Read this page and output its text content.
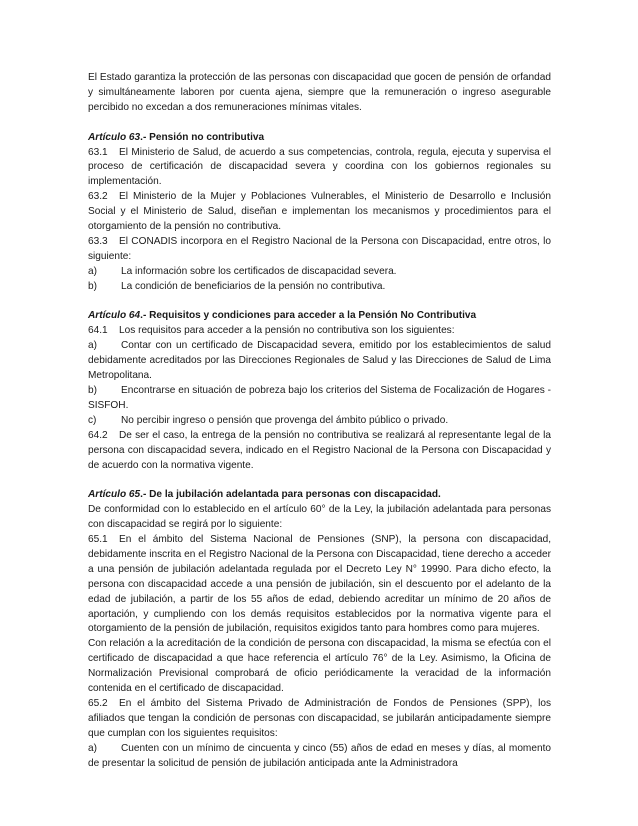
El Estado garantiza la protección de las personas con discapacidad que gocen de pensión de orfandad y simultáneamente laboren por cuenta ajena, siempre que la remuneración o ingreso asegurable percibido no excedan a dos remuneraciones mínimas vitales.

Artículo 63.- Pensión no contributiva

63.1 El Ministerio de Salud, de acuerdo a sus competencias, controla, regula, ejecuta y supervisa el proceso de certificación de discapacidad severa y coordina con los gobiernos regionales su implementación.

63.2 El Ministerio de la Mujer y Poblaciones Vulnerables, el Ministerio de Desarrollo e Inclusión Social y el Ministerio de Salud, diseñan e implementan los mecanismos y procedimientos para el otorgamiento de la pensión no contributiva.

63.3 El CONADIS incorpora en el Registro Nacional de la Persona con Discapacidad, entre otros, lo siguiente:

a) La información sobre los certificados de discapacidad severa.

b) La condición de beneficiarios de la pensión no contributiva.

Artículo 64.- Requisitos y condiciones para acceder a la Pensión No Contributiva

64.1 Los requisitos para acceder a la pensión no contributiva son los siguientes:

a) Contar con un certificado de Discapacidad severa, emitido por los establecimientos de salud debidamente acreditados por las Direcciones Regionales de Salud y las Direcciones de Salud de Lima Metropolitana.

b) Encontrarse en situación de pobreza bajo los criterios del Sistema de Focalización de Hogares - SISFOH.

c) No percibir ingreso o pensión que provenga del ámbito público o privado.

64.2 De ser el caso, la entrega de la pensión no contributiva se realizará al representante legal de la persona con discapacidad severa, indicado en el Registro Nacional de la Persona con Discapacidad y de acuerdo con la normativa vigente.

Artículo 65.- De la jubilación adelantada para personas con discapacidad.

De conformidad con lo establecido en el artículo 60° de la Ley, la jubilación adelantada para personas con discapacidad se regirá por lo siguiente:

65.1 En el ámbito del Sistema Nacional de Pensiones (SNP), la persona con discapacidad, debidamente inscrita en el Registro Nacional de la Persona con Discapacidad, tiene derecho a acceder a una pensión de jubilación adelantada regulada por el Decreto Ley N° 19990. Para dicho efecto, la persona con discapacidad accede a una pensión de jubilación, sin el descuento por el adelanto de la edad de jubilación, a partir de los 55 años de edad, debiendo acreditar un mínimo de 20 años de aportación, y cumpliendo con los demás requisitos establecidos por la normativa vigente para el otorgamiento de la pensión de jubilación, requisitos exigidos tanto para hombres como para mujeres.

Con relación a la acreditación de la condición de persona con discapacidad, la misma se efectúa con el certificado de discapacidad a que hace referencia el artículo 76° de la Ley. Asimismo, la Oficina de Normalización Previsional comprobará de oficio periódicamente la veracidad de la información contenida en el certificado de discapacidad.

65.2 En el ámbito del Sistema Privado de Administración de Fondos de Pensiones (SPP), los afiliados que tengan la condición de personas con discapacidad, se jubilarán anticipadamente siempre que cumplan con los siguientes requisitos:

a) Cuenten con un mínimo de cincuenta y cinco (55) años de edad en meses y días, al momento de presentar la solicitud de pensión de jubilación anticipada ante la Administradora
